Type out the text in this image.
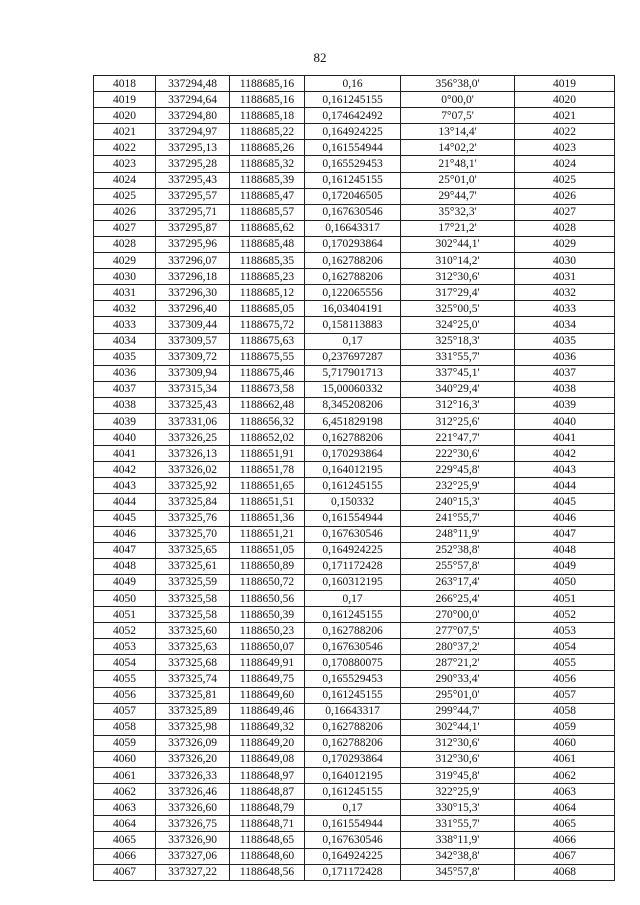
82
4018	337294,48	1188685,16	0,16	356°38,0'	4019
4019	337294,64	1188685,16	0,161245155	0°00,0'	4020
4020	337294,80	1188685,18	0,174642492	7°07,5'	4021
4021	337294,97	1188685,22	0,164924225	13°14,4'	4022
4022	337295,13	1188685,26	0,161554944	14°02,2'	4023
4023	337295,28	1188685,32	0,165529453	21°48,1'	4024
4024	337295,43	1188685,39	0,161245155	25°01,0'	4025
4025	337295,57	1188685,47	0,172046505	29°44,7'	4026
4026	337295,71	1188685,57	0,167630546	35°32,3'	4027
4027	337295,87	1188685,62	0,16643317	17°21,2'	4028
4028	337295,96	1188685,48	0,170293864	302°44,1'	4029
4029	337296,07	1188685,35	0,162788206	310°14,2'	4030
4030	337296,18	1188685,23	0,162788206	312°30,6'	4031
4031	337296,30	1188685,12	0,122065556	317°29,4'	4032
4032	337296,40	1188685,05	16,03404191	325°00,5'	4033
4033	337309,44	1188675,72	0,158113883	324°25,0'	4034
4034	337309,57	1188675,63	0,17	325°18,3'	4035
4035	337309,72	1188675,55	0,237697287	331°55,7'	4036
4036	337309,94	1188675,46	5,717901713	337°45,1'	4037
4037	337315,34	1188673,58	15,00060332	340°29,4'	4038
4038	337325,43	1188662,48	8,345208206	312°16,3'	4039
4039	337331,06	1188656,32	6,451829198	312°25,6'	4040
4040	337326,25	1188652,02	0,162788206	221°47,7'	4041
4041	337326,13	1188651,91	0,170293864	222°30,6'	4042
4042	337326,02	1188651,78	0,164012195	229°45,8'	4043
4043	337325,92	1188651,65	0,161245155	232°25,9'	4044
4044	337325,84	1188651,51	0,150332	240°15,3'	4045
4045	337325,76	1188651,36	0,161554944	241°55,7'	4046
4046	337325,70	1188651,21	0,167630546	248°11,9'	4047
4047	337325,65	1188651,05	0,164924225	252°38,8'	4048
4048	337325,61	1188650,89	0,171172428	255°57,8'	4049
4049	337325,59	1188650,72	0,160312195	263°17,4'	4050
4050	337325,58	1188650,56	0,17	266°25,4'	4051
4051	337325,58	1188650,39	0,161245155	270°00,0'	4052
4052	337325,60	1188650,23	0,162788206	277°07,5'	4053
4053	337325,63	1188650,07	0,167630546	280°37,2'	4054
4054	337325,68	1188649,91	0,170880075	287°21,2'	4055
4055	337325,74	1188649,75	0,165529453	290°33,4'	4056
4056	337325,81	1188649,60	0,161245155	295°01,0'	4057
4057	337325,89	1188649,46	0,16643317	299°44,7'	4058
4058	337325,98	1188649,32	0,162788206	302°44,1'	4059
4059	337326,09	1188649,20	0,162788206	312°30,6'	4060
4060	337326,20	1188649,08	0,170293864	312°30,6'	4061
4061	337326,33	1188648,97	0,164012195	319°45,8'	4062
4062	337326,46	1188648,87	0,161245155	322°25,9'	4063
4063	337326,60	1188648,79	0,17	330°15,3'	4064
4064	337326,75	1188648,71	0,161554944	331°55,7'	4065
4065	337326,90	1188648,65	0,167630546	338°11,9'	4066
4066	337327,06	1188648,60	0,164924225	342°38,8'	4067
4067	337327,22	1188648,56	0,171172428	345°57,8'	4068
